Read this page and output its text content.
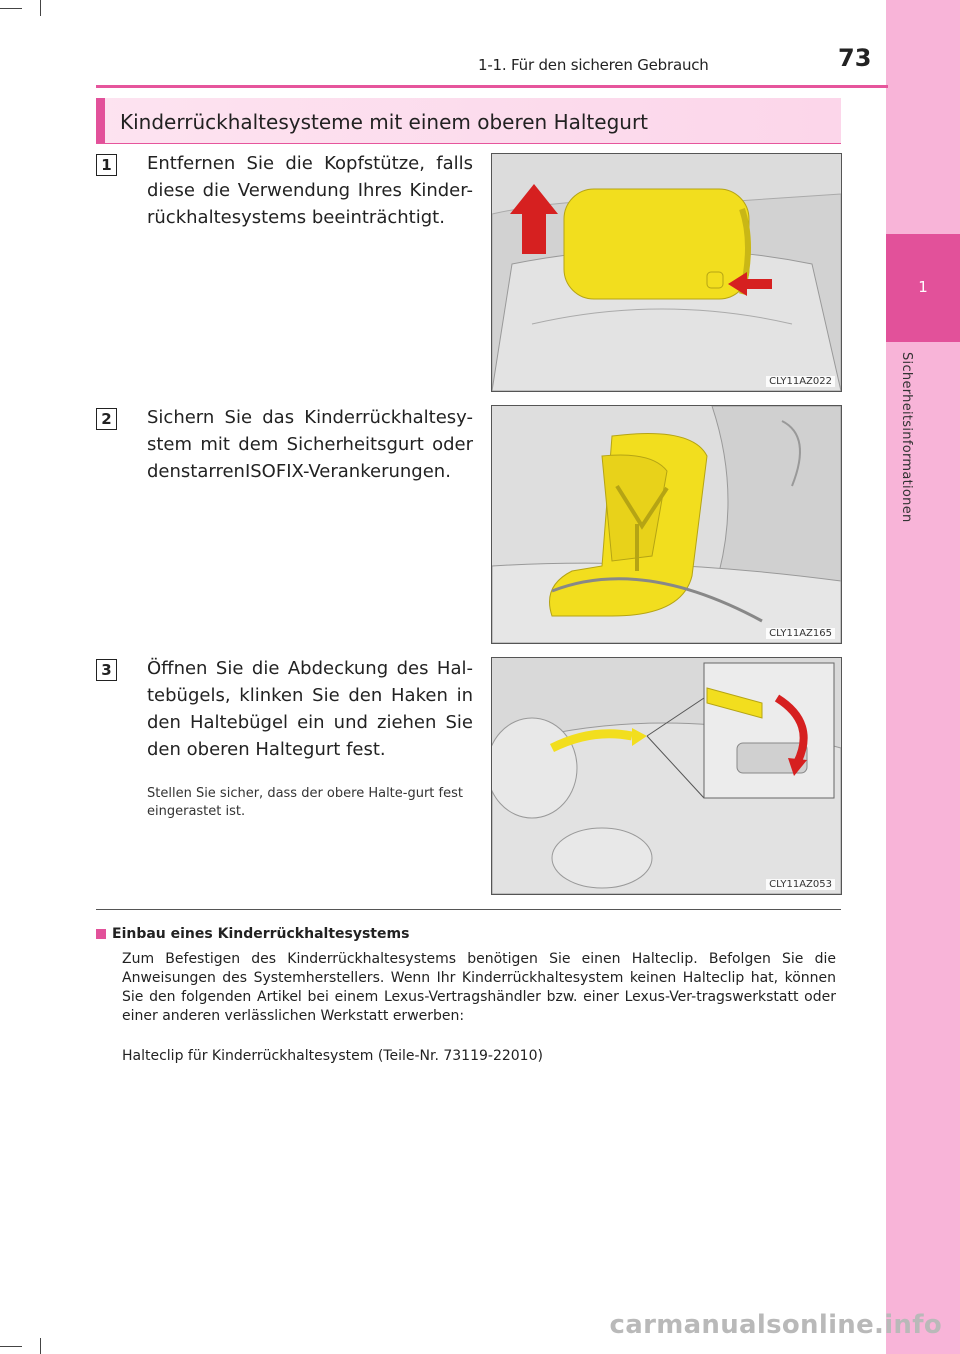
1
Sicherheitsinformationen
1-1. Für den sicheren Gebrauch	73
Kinderrückhaltesysteme mit einem oberen Haltegurt
1 Entfernen Sie die Kopfstütze, falls diese die Verwendung Ihres Kinder-rückhaltesystems beeinträchtigt.
CLY11AZ022
2 Sichern Sie das Kinderrückhaltesy-stem mit dem Sicherheitsgurt oder denstarrenISOFIX-Verankerungen.
CLY11AZ165
3 Öffnen Sie die Abdeckung des Hal-tebügels, klinken Sie den Haken in den Haltebügel ein und ziehen Sie den oberen Haltegurt fest.
Stellen Sie sicher, dass der obere Halte-gurt fest eingerastet ist.
CLY11AZ053
Einbau eines Kinderrückhaltesystems
Zum Befestigen des Kinderrückhaltesystems benötigen Sie einen Halteclip. Befolgen Sie die Anweisungen des Systemherstellers. Wenn Ihr Kinderrückhaltesystem keinen Halteclip hat, können Sie den folgenden Artikel bei einem Lexus-Vertragshändler bzw. einer Lexus-Ver-tragswerkstatt oder einer anderen verlässlichen Werkstatt erwerben:
Halteclip für Kinderrückhaltesystem (Teile-Nr. 73119-22010)
carmanualsonline.info
